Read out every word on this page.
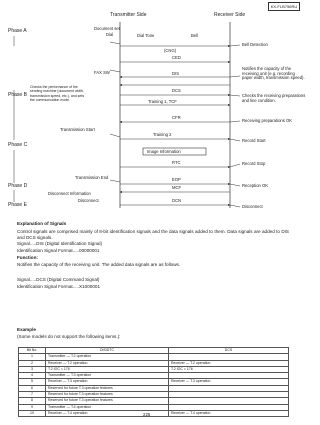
KX-FLB756RU
Transmitter Side	Receiver Side
Phase A
Phase B
Phase C
Phase D
Phase E
Document set
Dial	Dial Tone	Bell
(CNG)
FAX SW
Checks the performance of the
sending machine (document width,
transmission speed, etc.), and sets
the communication mode.
CED
DIS
DCS
Training 1, TCF
CFR
Transmission Start
Training 2
Image Information
RTC
Transmission End	EOP
MCF
Disconnect Information
Disconnect	DCN
Bell Detection
Notifies the capacity of the
receiving unit (e.g. recording
paper width, transmission speed).
Checks the receiving preparations
and line condition.
Receiving preparations OK
Record Start
Record Stop
Reception OK
Disconnect
Explanation of Signals
Control signals are comprised mainly of 8-bit identification signals and the data signals added to them. Data signals are added to DIS and DCS signals.
Signal.....DIS (Digital Identification Signal)
Identification Signal Format.....00000001
Function:
Notifies the capacity of the receiving unit. The added data signals are as follows.
Signal.....DCS (Digital Command Signal)
Identification Signal Format.....X1000001
Example
(Some models do not support the following items.):
Bit No.	DIS/DTC	DCS
1	Transmitter — T.2 operation	
2	Receiver — T.2 operation	Receiver — T.2 operation
3	T.2 IOC = 176	T.2 IOC = 176
4	Transmitter — T.3 operation	
5	Receiver — T.3 operation	Receiver — T.3 operation
6	Reserved for future T.3 operation features	
7	Reserved for future T.3 operation features	
8	Reserved for future T.3 operation features	
9	Transmitter — T.4 operation	
10	Receiver — T.4 operation	Receiver — T.4 operation
225
